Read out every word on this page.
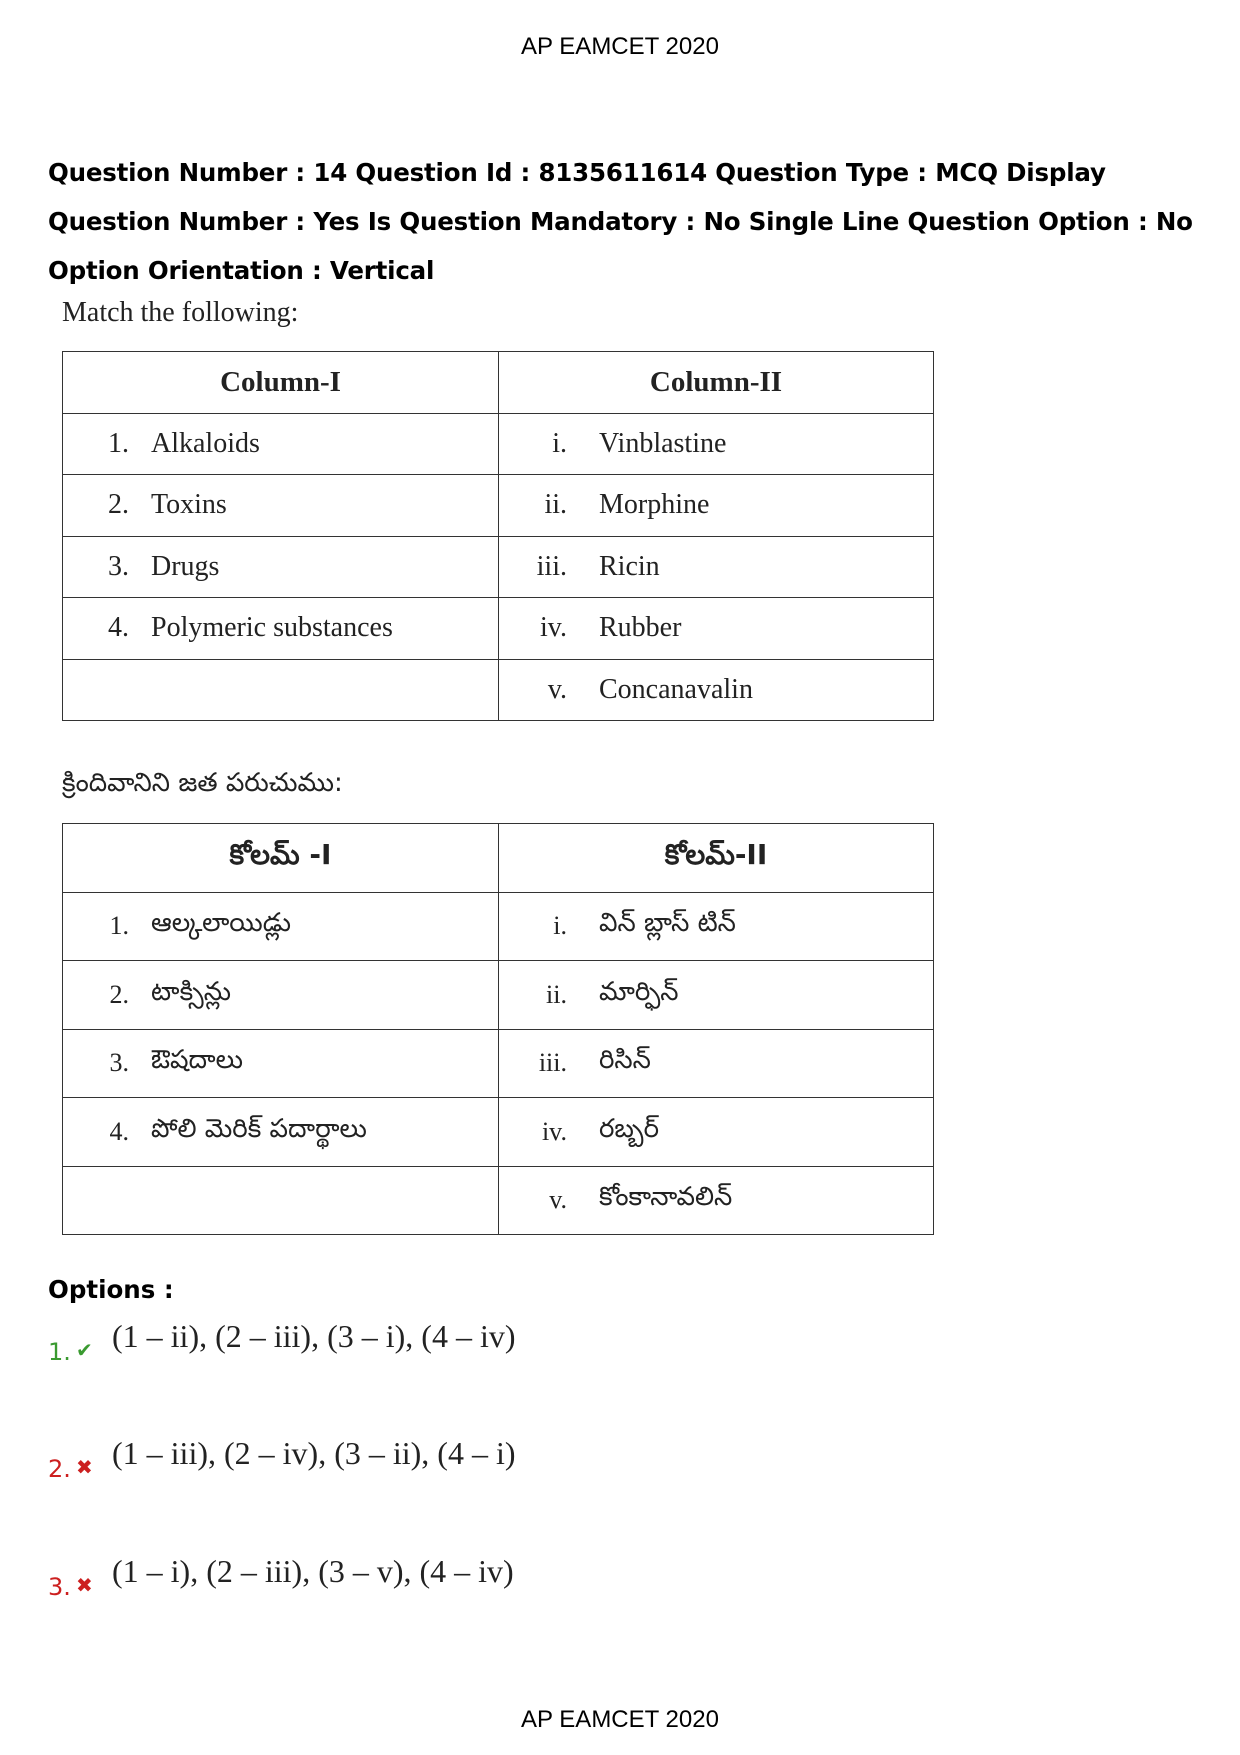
AP EAMCET 2020
Question Number : 14 Question Id : 8135611614 Question Type : MCQ Display Question Number : Yes Is Question Mandatory : No Single Line Question Option : No Option Orientation : Vertical
Match the following:
Column-I	Column-II

1. Alkaloids	i. Vinblastine

2. Toxins	ii. Morphine

3. Drugs	iii. Ricin

4. Polymeric substances	iv. Rubber

	v. Concanavalin
క్రిందివానిని జత పరుచుము:
కోలమ్ -I	కోలమ్-II

1. ఆల్కలాయిడ్లు	i. విన్ బ్లాస్ టిన్

2. టాక్సిన్లు	ii. మార్ఫిన్

3. ఔషదాలు	iii. రిసిన్

4. పోలి మెరిక్ పదార్థాలు	iv. రబ్బర్

	v. కోంకానావలిన్
Options :
1. ✔ (1 – ii), (2 – iii), (3 – i), (4 – iv)
2. ✖ (1 – iii), (2 – iv), (3 – ii), (4 – i)
3. ✖ (1 – i), (2 – iii), (3 – v), (4 – iv)
AP EAMCET 2020
